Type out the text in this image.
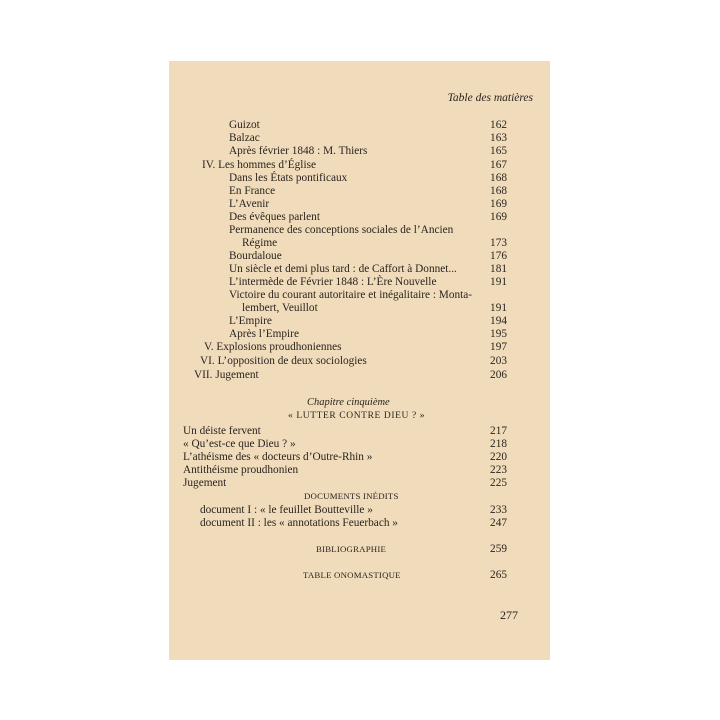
Table des matières
Guizot	162
Balzac	163
Après février 1848 : M. Thiers	165
IV. Les hommes d’Église	167
Dans les États pontificaux	168
En France	168
L’Avenir	169
Des évêques parlent	169
Permanence des conceptions sociales de l’Ancien
Régime	173
Bourdaloue	176
Un siècle et demi plus tard : de Caffort à Donnet...	181
L’intermède de Février 1848 : L’Ère Nouvelle	191
Victoire du courant autoritaire et inégalitaire : Monta-
lembert, Veuillot	191
L’Empire	194
Après l’Empire	195
V. Explosions proudhoniennes	197
VI. L’opposition de deux sociologies	203
VII. Jugement	206
Chapitre cinquième
« LUTTER CONTRE DIEU ? »
Un déiste fervent	217
« Qu’est-ce que Dieu ? »	218
L’athéisme des « docteurs d’Outre-Rhin »	220
Antithéisme proudhonien	223
Jugement	225
DOCUMENTS INÉDITS
document I : « le feuillet Boutteville »	233
document II : les « annotations Feuerbach »	247
BIBLIOGRAPHIE	259
TABLE ONOMASTIQUE	265
277
